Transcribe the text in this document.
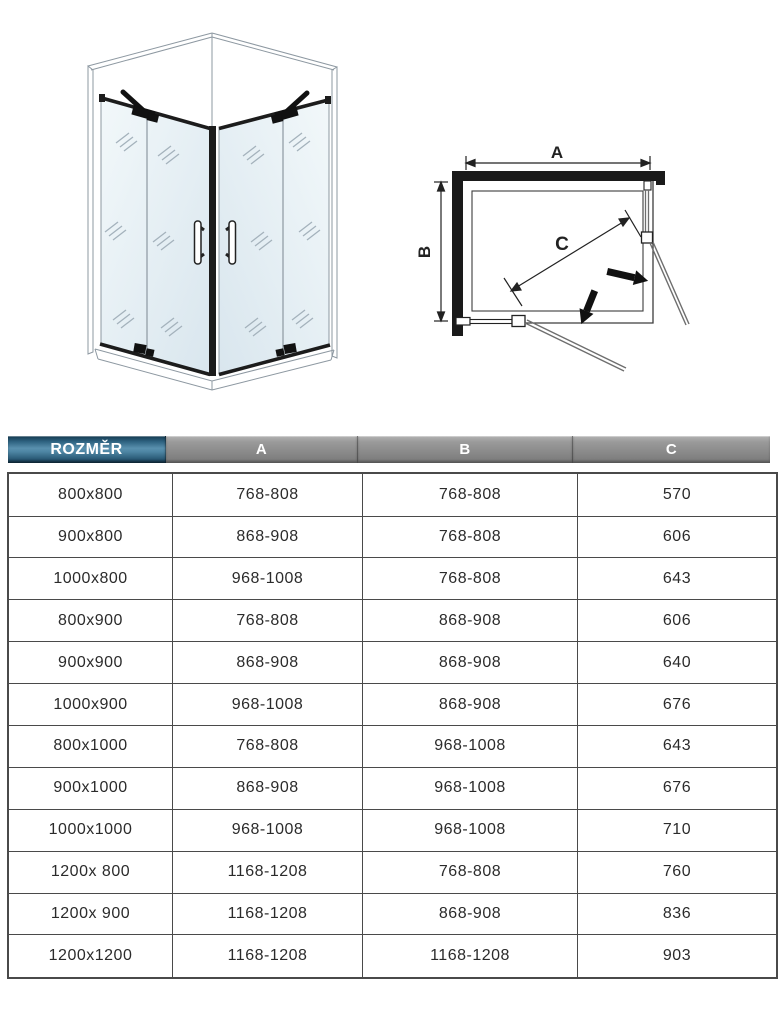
A
B	C
ROZMĚR	A	B	C
800x800	768-808	768-808	570
900x800	868-908	768-808	606
1000x800	968-1008	768-808	643
800x900	768-808	868-908	606
900x900	868-908	868-908	640
1000x900	968-1008	868-908	676
800x1000	768-808	968-1008	643
900x1000	868-908	968-1008	676
1000x1000	968-1008	968-1008	710
1200x 800	1168-1208	768-808	760
1200x 900	1168-1208	868-908	836
1200x1200	1168-1208	1168-1208	903
